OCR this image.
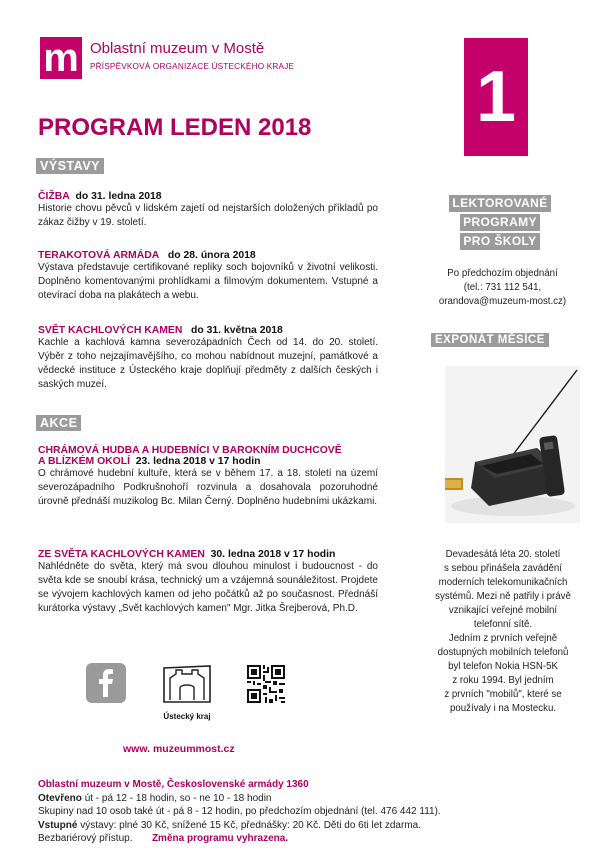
m Oblastní muzeum v Mostě
PŘÍSPĚVKOVÁ ORGANIZACE ÚSTECKÉHO KRAJE	1
PROGRAM LEDEN 2018
VÝSTAVY
ČIŽBA do 31. ledna 2018
Historie chovu pěvců v lidském zajetí od nejstarších doložených příkladů po zákaz čižby v 19. století.
TERAKOTOVÁ ARMÁDA do 28. února 2018
Výstava představuje certifikované repliky soch bojovníků v životní velikosti. Doplněno komentovanými prohlídkami a filmovým dokumentem. Vstupné a otevírací doba na plakátech a webu.
SVĚT KACHLOVÝCH KAMEN do 31. května 2018
Kachle a kachlová kamna severozápadních Čech od 14. do 20. století. Výběr z toho nejzajímavějšího, co mohou nabídnout muzejní, památkové a vědecké instituce z Ústeckého kraje doplňují předměty z dalších českých i saských muzeí.
AKCE
CHRÁMOVÁ HUDBA A HUDEBNÍCI V BAROKNÍM DUCHCOVĚ
A BLÍZKÉM OKOLÍ 23. ledna 2018 v 17 hodin
O chrámové hudební kultuře, která se v během 17. a 18. století na území severozápadního Podkrušnohoří rozvinula a dosahovala pozoruhodné úrovně přednáší muzikolog Bc. Milan Černý. Doplněno hudebními ukázkami.
ZE SVĚTA KACHLOVÝCH KAMEN 30. ledna 2018 v 17 hodin
Nahlédněte do světa, který má svou dlouhou minulost i budoucnost - do světa kde se snoubí krása, technický um a vzájemná sounáležitost. Projdete se vývojem kachlových kamen od jeho počátků až po současnost. Přednáší kurátorka výstavy „Svět kachlových kamen" Mgr. Jitka Šrejberová, Ph.D.
LEKTOROVANÉ
PROGRAMY
PRO ŠKOLY
Po předchozím objednání
(tel.: 731 112 541,
orandova@muzeum-most.cz)
EXPONÁT MĚSÍCE
Devadesátá léta 20. století
s sebou přinášela zavádění
moderních telekomunikačních
systémů. Mezi ně patřily i právě
vznikající veřejné mobilní
telefonní sítě.
Jedním z prvních veřejně
dostupných mobilních telefonů
byl telefon Nokia HSN-5K
z roku 1994. Byl jedním
z prvních "mobilů", které se
používaly i na Mostecku.
Ústecký kraj
www. muzeummost.cz
Oblastní muzeum v Mostě, Československé armády 1360
Otevřeno út - pá 12 - 18 hodin, so - ne 10 - 18 hodin
Skupiny nad 10 osob také út - pá 8 - 12 hodin, po předchozím objednání (tel. 476 442 111).
Vstupné výstavy: plné 30 Kč, snížené 15 Kč, přednášky: 20 Kč. Děti do 6ti let zdarma.
Bezbariérový přístup. Změna programu vyhrazena.
